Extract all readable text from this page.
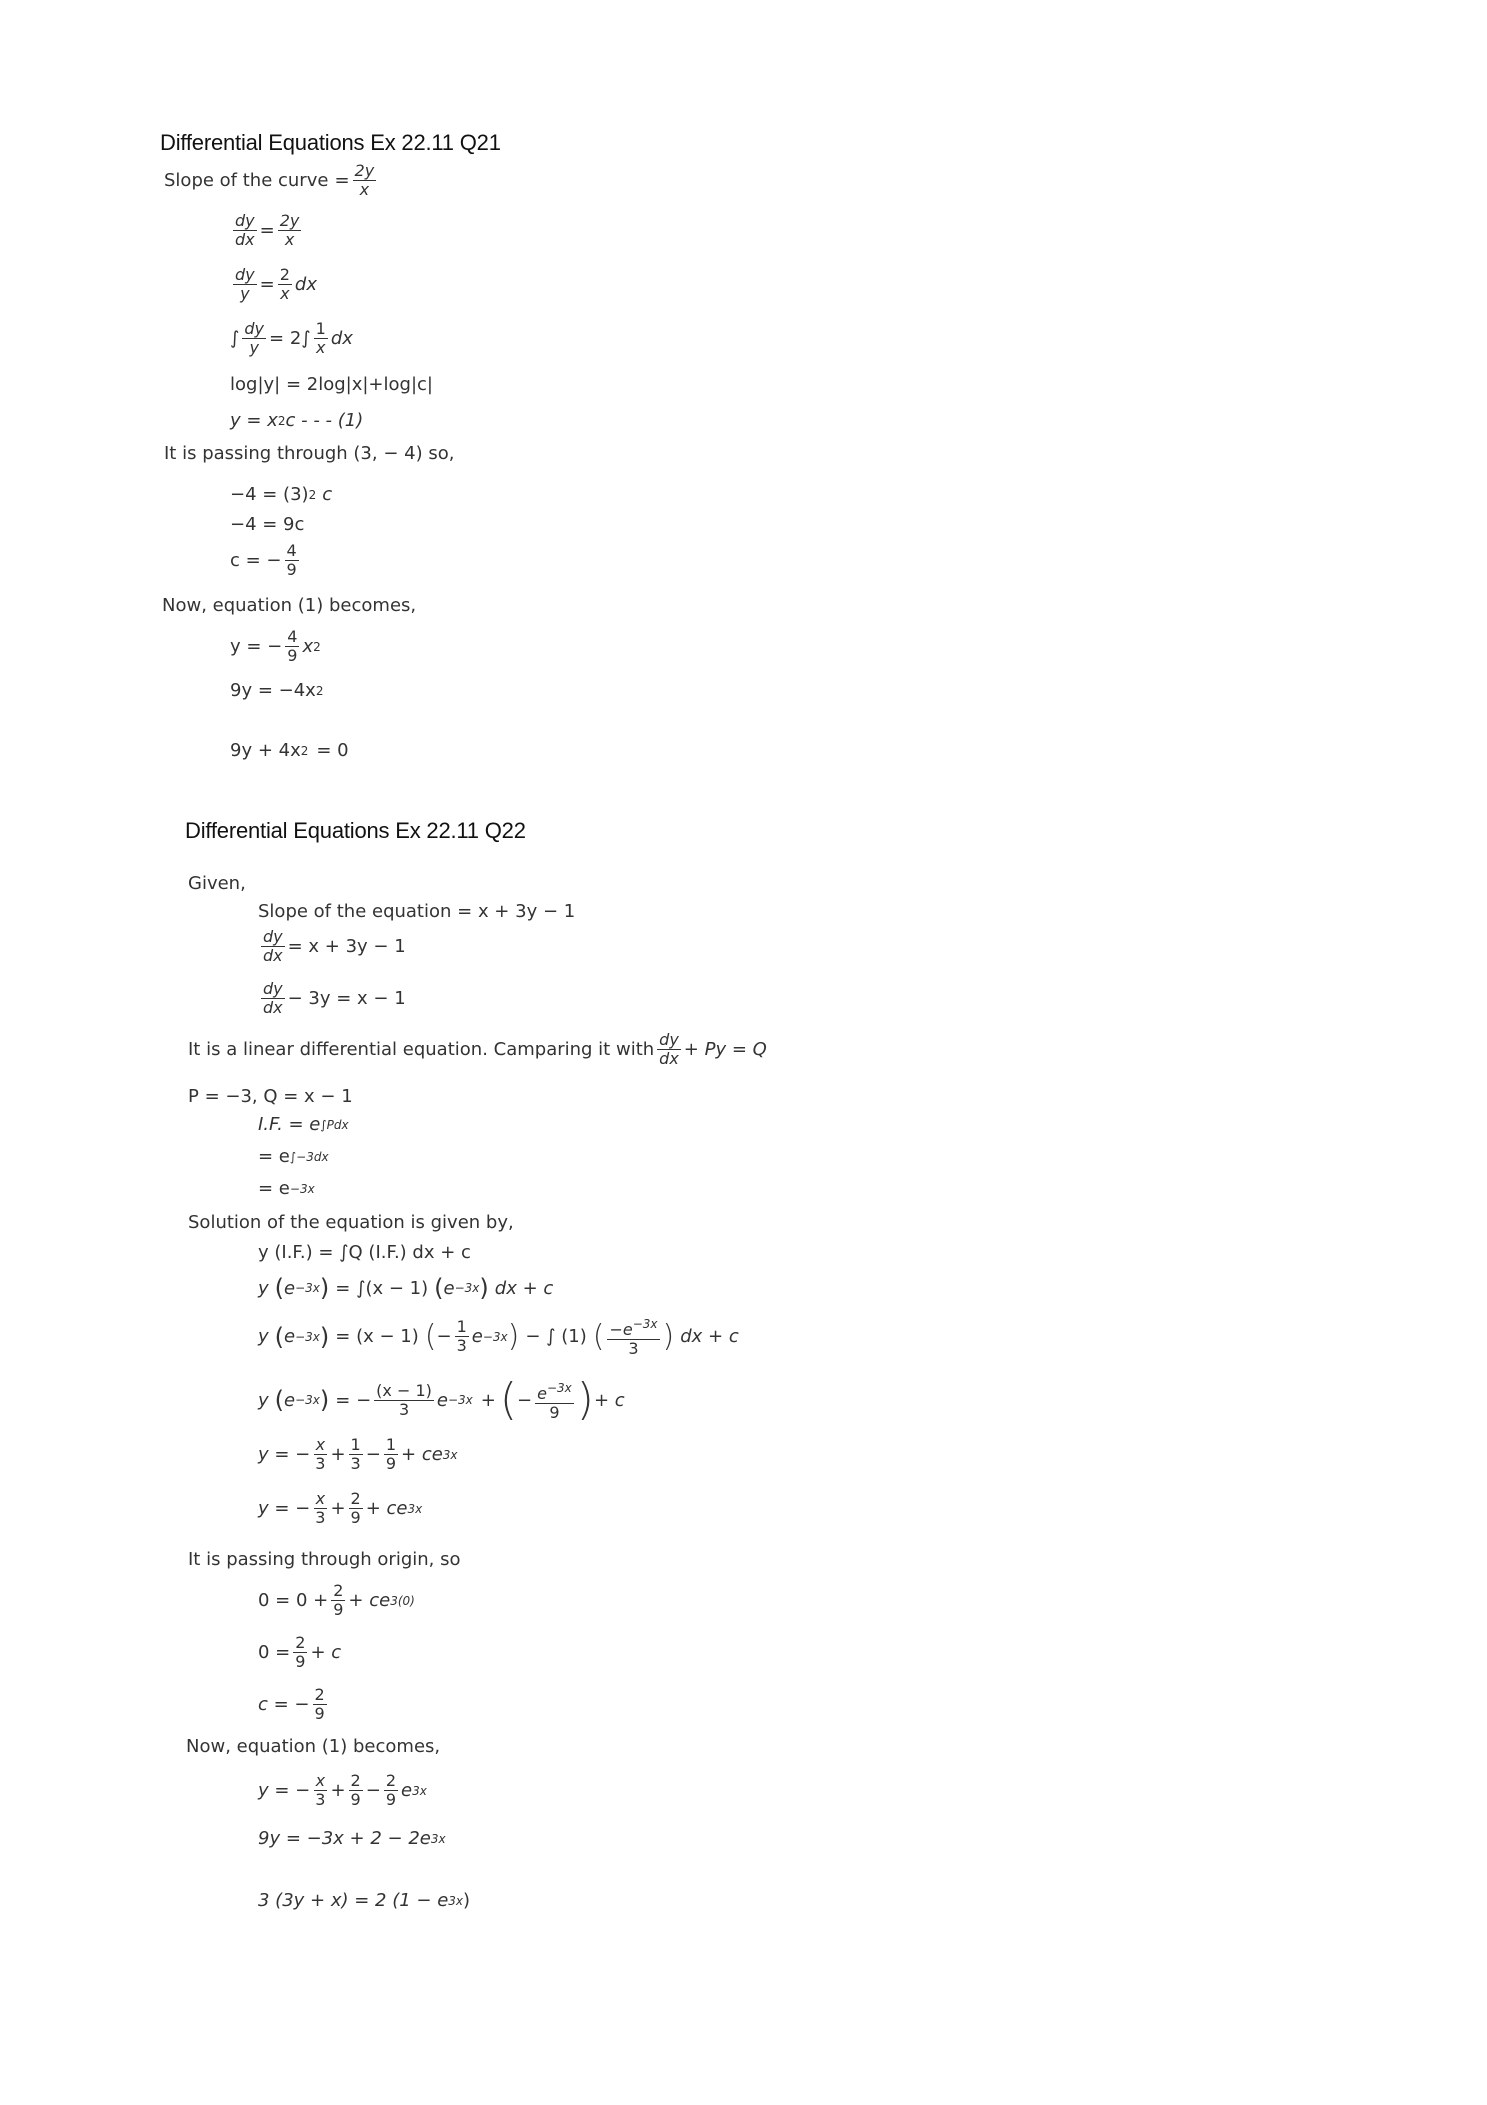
Differential Equations Ex 22.11 Q21
Slope of the curve = $\frac{2y}{x}$
$\frac{dy}{dx} = \frac{2y}{x}$
$\frac{dy}{y} = \frac{2}{x}$ dx
∫ $\frac{dy}{y} = 2\int \frac{1}{x}$ dx
log|y| = 2log|x|+log|c|
y = x 2 c - - - (1)
It is passing through (3, − 4) so,
−4 = (3) 2 c
−4 = 9c
c = − $\frac{4}{9}$
Now, equation (1) becomes,
y = − $\frac{4}{9}$ x 2
9y = −4x 2
9y + 4x 2 = 0
Differential Equations Ex 22.11 Q22
Given,
Slope of the equation = x + 3y − 1
$\frac{dy}{dx} = x + 3y - 1$
$\frac{dy}{dx} - 3y = x - 1$
It is a linear differential equation. Camparing it with $\frac{dy}{dx} + Py = Q$
P = −3, Q = x − 1
I.F. = e ∫Pdx
= e ∫−3dx
= e −3x
Solution of the equation is given by,
y (I.F.) = ∫Q (I.F.) dx + c
y ( e −3x ) = ∫(x − 1) ( e −3x ) dx + c
y ( e −3x ) = (x − 1) ( − $\frac{1}{3}$ e −3x ) − ∫ (1) ( $\frac{-e^{-3x}}{3}$ ) dx + c
y ( e −3x ) = − $\frac{(x - 1)}{3}$ e −3x + ( − $\frac{e^{-3x}}{9}$ ) + c
y = − $\frac{x}{3} + \frac{1}{3} - \frac{1}{9}$ + ce 3x
y = − $\frac{x}{3} + \frac{2}{9}$ + ce 3x
It is passing through origin, so
$0 = 0 + \frac{2}{9}$ + ce 3(0)
$0 = \frac{2}{9} + c$
c = − $\frac{2}{9}$
Now, equation (1) becomes,
y = − $\frac{x}{3} + \frac{2}{9} - \frac{2}{9}$ e 3x
9y = −3x + 2 − 2e 3x
3 (3y + x) = 2 (1 − e 3x )
